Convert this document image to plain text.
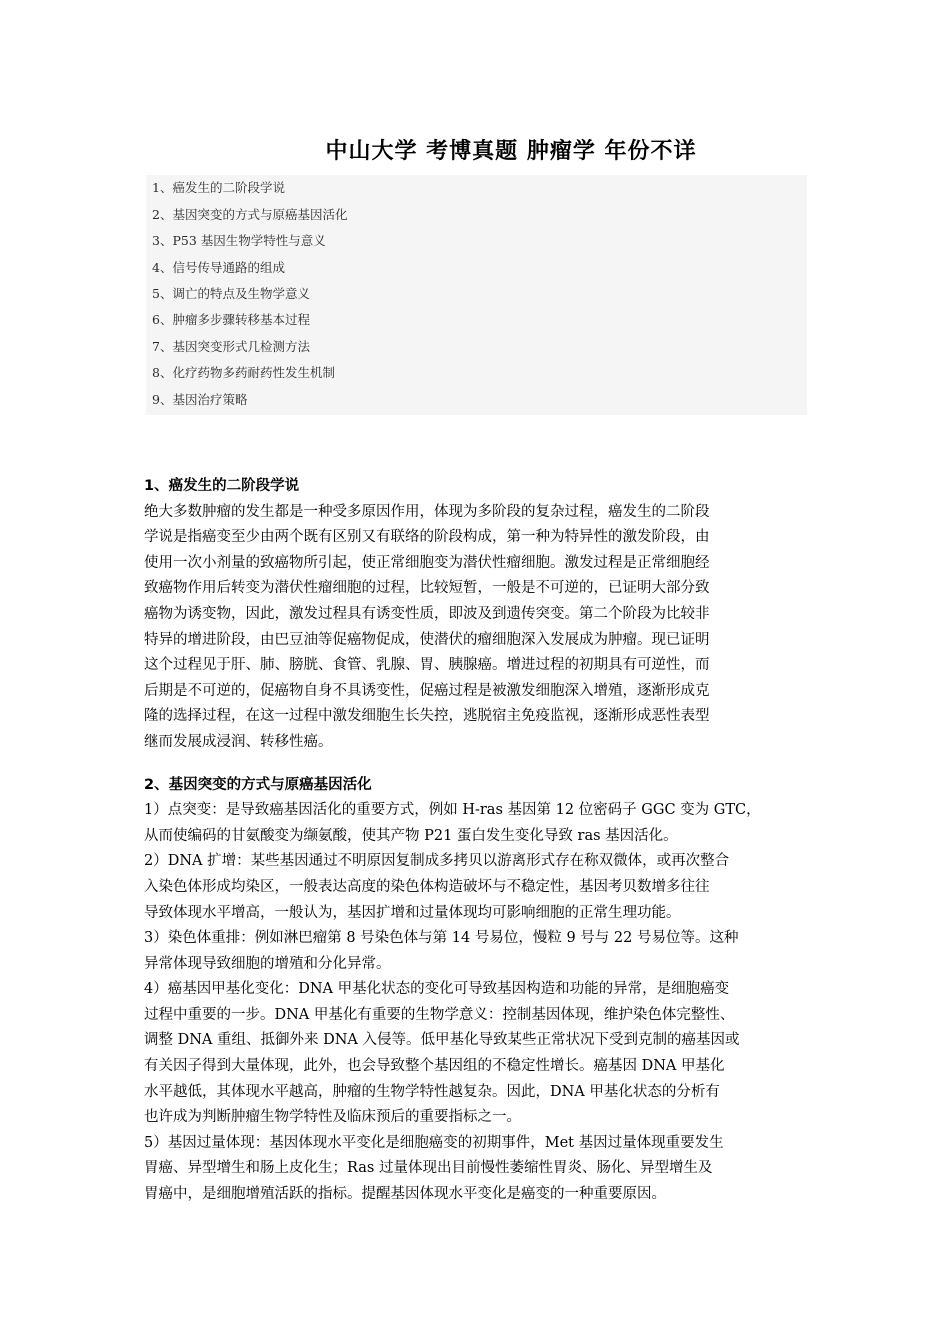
中山大学 考博真题 肿瘤学 年份不详
1、癌发生的二阶段学说
2、基因突变的方式与原癌基因活化
3、P53 基因生物学特性与意义
4、信号传导通路的组成
5、调亡的特点及生物学意义
6、肿瘤多步骤转移基本过程
7、基因突变形式几检测方法
8、化疗药物多药耐药性发生机制
9、基因治疗策略
1、癌发生的二阶段学说
绝大多数肿瘤的发生都是一种受多原因作用，体现为多阶段的复杂过程，癌发生的二阶段
学说是指癌变至少由两个既有区别又有联络的阶段构成，第一种为特异性的激发阶段，由
使用一次小剂量的致癌物所引起，使正常细胞变为潜伏性瘤细胞。激发过程是正常细胞经
致癌物作用后转变为潜伏性瘤细胞的过程，比较短暂，一般是不可逆的，已证明大部分致
癌物为诱变物，因此，激发过程具有诱变性质，即波及到遗传突变。第二个阶段为比较非
特异的增进阶段，由巴豆油等促癌物促成，使潜伏的瘤细胞深入发展成为肿瘤。现已证明
这个过程见于肝、肺、膀胱、食管、乳腺、胃、胰腺癌。增进过程的初期具有可逆性，而
后期是不可逆的，促癌物自身不具诱变性，促癌过程是被激发细胞深入增殖，逐渐形成克
隆的选择过程，在这一过程中激发细胞生长失控，逃脱宿主免疫监视，逐渐形成恶性表型
继而发展成浸润、转移性癌。
2、基因突变的方式与原癌基因活化
1）点突变：是导致癌基因活化的重要方式，例如 H-ras 基因第 12 位密码子 GGC 变为 GTC，
从而使编码的甘氨酸变为缬氨酸，使其产物 P21 蛋白发生变化导致 ras 基因活化。
2）DNA 扩增：某些基因通过不明原因复制成多拷贝以游离形式存在称双微体，或再次整合
入染色体形成均染区，一般表达高度的染色体构造破坏与不稳定性，基因考贝数增多往往
导致体现水平增高，一般认为，基因扩增和过量体现均可影响细胞的正常生理功能。
3）染色体重排：例如淋巴瘤第 8 号染色体与第 14 号易位，慢粒 9 号与 22 号易位等。这种
异常体现导致细胞的增殖和分化异常。
4）癌基因甲基化变化：DNA 甲基化状态的变化可导致基因构造和功能的异常，是细胞癌变
过程中重要的一步。DNA 甲基化有重要的生物学意义：控制基因体现，维护染色体完整性、
调整 DNA 重组、抵御外来 DNA 入侵等。低甲基化导致某些正常状况下受到克制的癌基因或
有关因子得到大量体现，此外，也会导致整个基因组的不稳定性增长。癌基因 DNA 甲基化
水平越低，其体现水平越高，肿瘤的生物学特性越复杂。因此，DNA 甲基化状态的分析有
也许成为判断肿瘤生物学特性及临床预后的重要指标之一。
5）基因过量体现：基因体现水平变化是细胞癌变的初期事件，Met 基因过量体现重要发生
胃癌、异型增生和肠上皮化生；Ras 过量体现出目前慢性萎缩性胃炎、肠化、异型增生及
胃癌中，是细胞增殖活跃的指标。提醒基因体现水平变化是癌变的一种重要原因。
